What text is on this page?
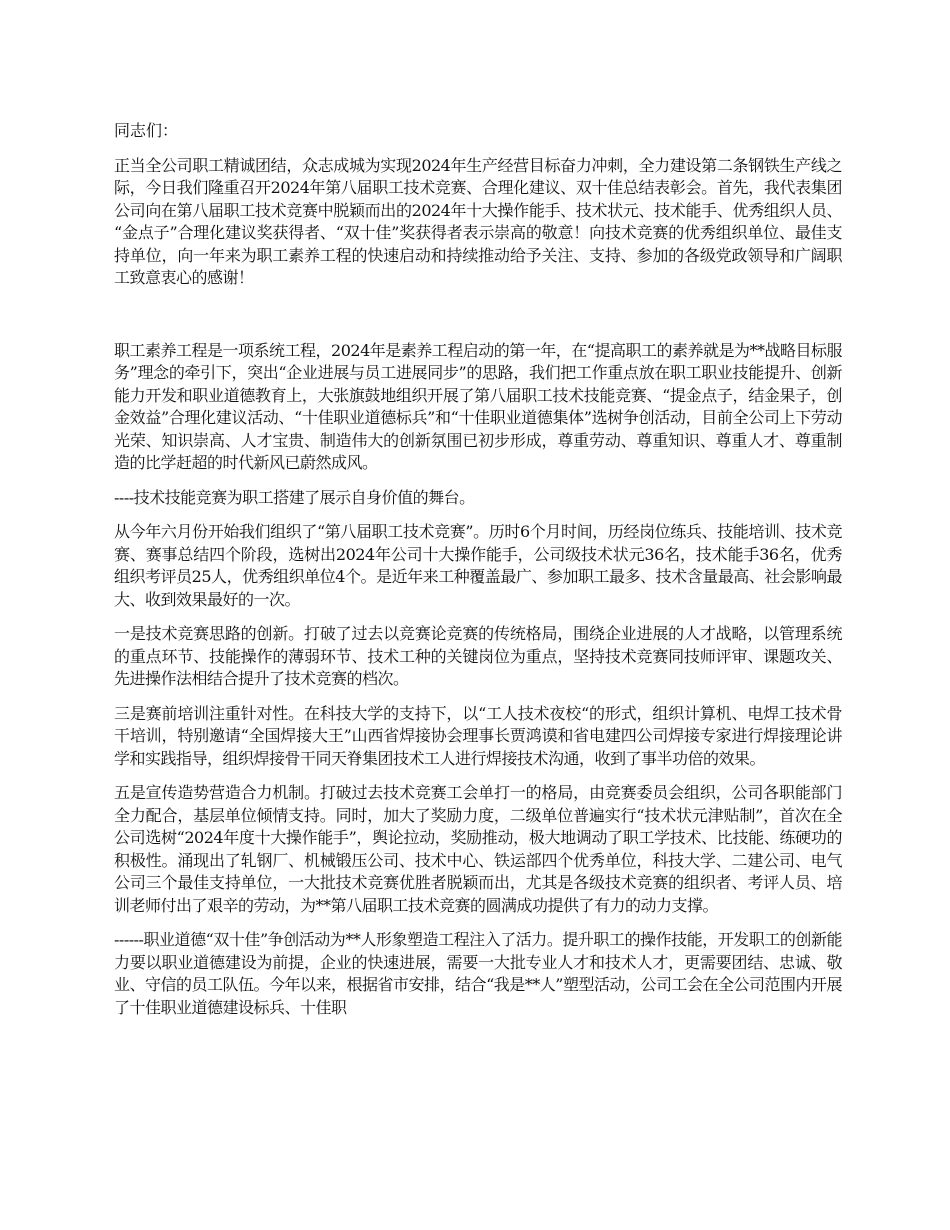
同志们：

正当全公司职工精诚团结，众志成城为实现2024年生产经营目标奋力冲刺，全力建设第二条钢铁生产线之际，今日我们隆重召开2024年第八届职工技术竞赛、合理化建议、双十佳总结表彰会。首先，我代表集团公司向在第八届职工技术竞赛中脱颖而出的2024年十大操作能手、技术状元、技术能手、优秀组织人员、“金点子”合理化建议奖获得者、“双十佳”奖获得者表示崇高的敬意！向技术竞赛的优秀组织单位、最佳支持单位，向一年来为职工素养工程的快速启动和持续推动给予关注、支持、参加的各级党政领导和广阔职工致意衷心的感谢！

职工素养工程是一项系统工程，2024年是素养工程启动的第一年，在“提高职工的素养就是为**战略目标服务”理念的牵引下，突出“企业进展与员工进展同步”的思路，我们把工作重点放在职工职业技能提升、创新能力开发和职业道德教育上，大张旗鼓地组织开展了第八届职工技术技能竞赛、“提金点子，结金果子，创金效益”合理化建议活动、“十佳职业道德标兵”和“十佳职业道德集体”选树争创活动，目前全公司上下劳动光荣、知识崇高、人才宝贵、制造伟大的创新氛围已初步形成，尊重劳动、尊重知识、尊重人才、尊重制造的比学赶超的时代新风已蔚然成风。

----技术技能竞赛为职工搭建了展示自身价值的舞台。

从今年六月份开始我们组织了“第八届职工技术竞赛”。历时6个月时间，历经岗位练兵、技能培训、技术竞赛、赛事总结四个阶段，选树出2024年公司十大操作能手，公司级技术状元36名，技术能手36名，优秀组织考评员25人，优秀组织单位4个。是近年来工种覆盖最广、参加职工最多、技术含量最高、社会影响最大、收到效果最好的一次。

一是技术竞赛思路的创新。打破了过去以竞赛论竞赛的传统格局，围绕企业进展的人才战略，以管理系统的重点环节、技能操作的薄弱环节、技术工种的关键岗位为重点，坚持技术竞赛同技师评审、课题攻关、先进操作法相结合提升了技术竞赛的档次。

三是赛前培训注重针对性。在科技大学的支持下，以“工人技术夜校“的形式，组织计算机、电焊工技术骨干培训，特别邀请“全国焊接大王”山西省焊接协会理事长贾鸿谟和省电建四公司焊接专家进行焊接理论讲学和实践指导，组织焊接骨干同天脊集团技术工人进行焊接技术沟通，收到了事半功倍的效果。

五是宣传造势营造合力机制。打破过去技术竞赛工会单打一的格局，由竞赛委员会组织，公司各职能部门全力配合，基层单位倾情支持。同时，加大了奖励力度，二级单位普遍实行“技术状元津贴制”，首次在全公司选树“2024年度十大操作能手”，舆论拉动，奖励推动，极大地调动了职工学技术、比技能、练硬功的积极性。涌现出了轧钢厂、机械锻压公司、技术中心、铁运部四个优秀单位，科技大学、二建公司、电气公司三个最佳支持单位，一大批技术竞赛优胜者脱颖而出，尤其是各级技术竞赛的组织者、考评人员、培训老师付出了艰辛的劳动，为**第八届职工技术竞赛的圆满成功提供了有力的动力支撑。

------职业道德“双十佳”争创活动为**人形象塑造工程注入了活力。提升职工的操作技能，开发职工的创新能力要以职业道德建设为前提，企业的快速进展，需要一大批专业人才和技术人才，更需要团结、忠诚、敬业、守信的员工队伍。今年以来，根据省市安排，结合“我是**人”塑型活动，公司工会在全公司范围内开展了十佳职业道德建设标兵、十佳职
